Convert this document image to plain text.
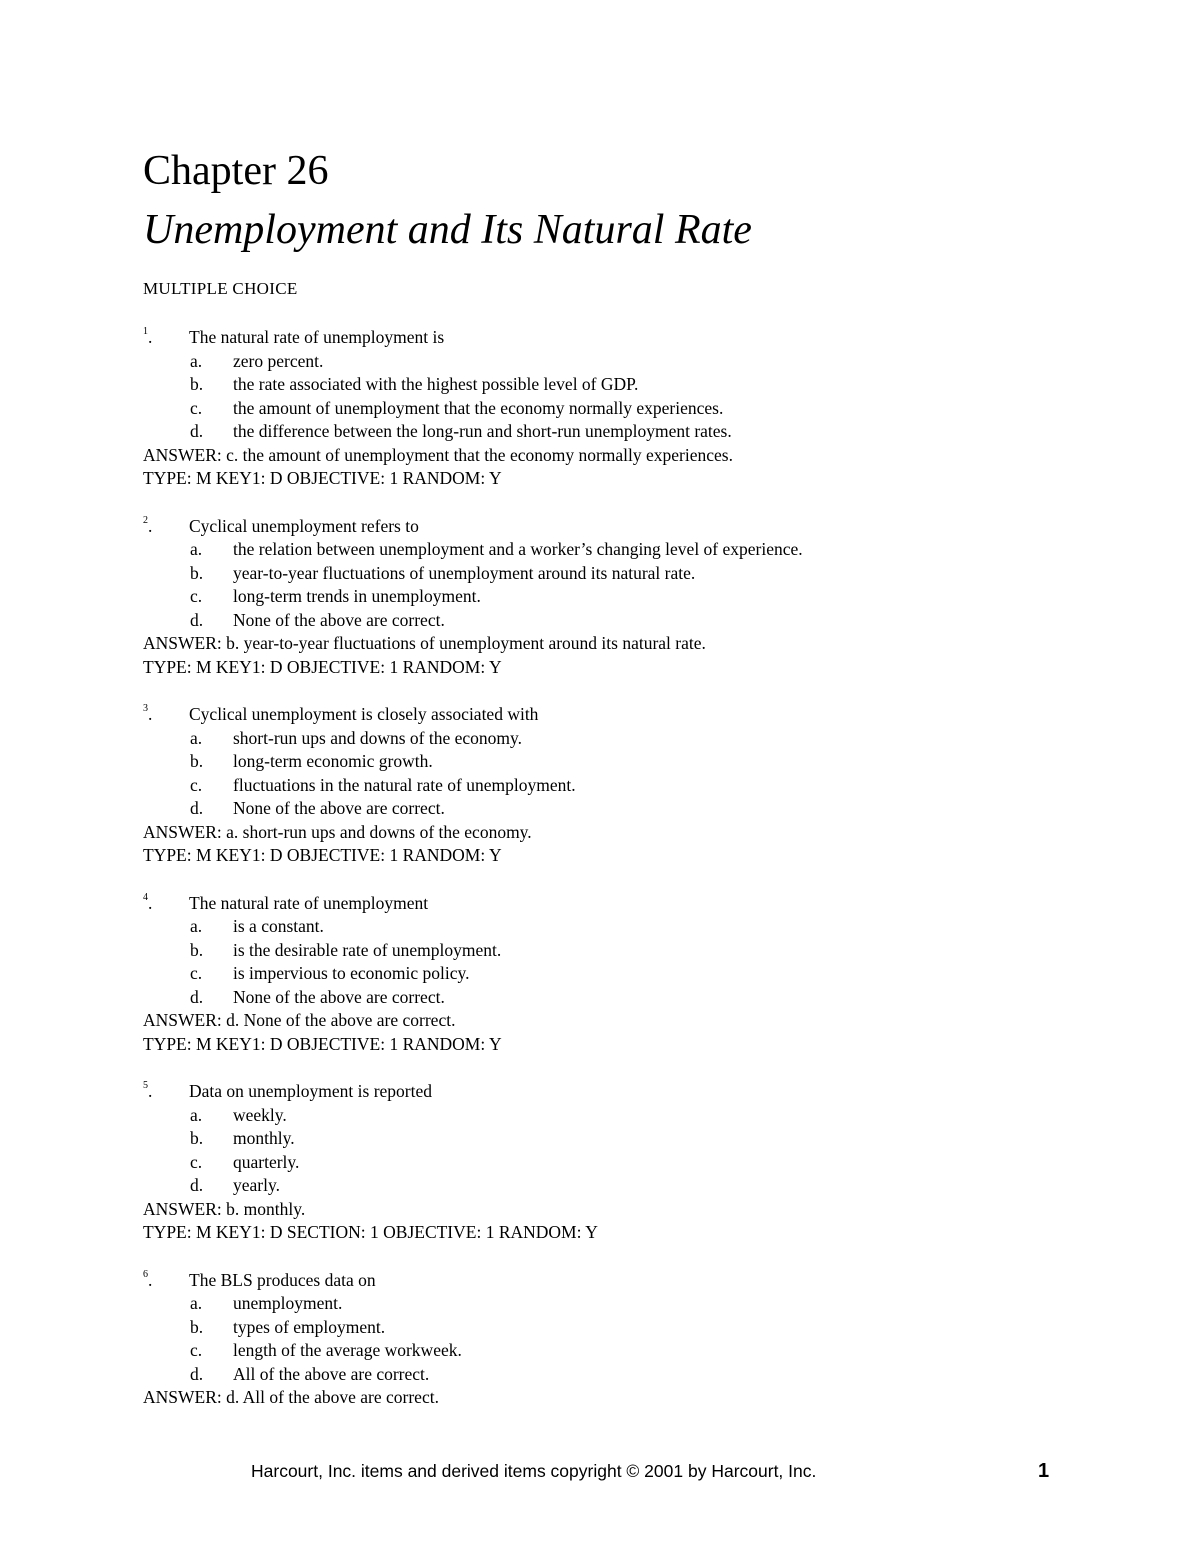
Chapter 26
Unemployment and Its Natural Rate
MULTIPLE CHOICE
1 . The natural rate of unemployment is
a. zero percent.
b. the rate associated with the highest possible level of GDP.
c. the amount of unemployment that the economy normally experiences.
d. the difference between the long-run and short-run unemployment rates.
ANSWER: c. the amount of unemployment that the economy normally experiences.
TYPE: M KEY1: D OBJECTIVE: 1 RANDOM: Y
2 . Cyclical unemployment refers to
a. the relation between unemployment and a worker’s changing level of experience.
b. year-to-year fluctuations of unemployment around its natural rate.
c. long-term trends in unemployment.
d. None of the above are correct.
ANSWER: b. year-to-year fluctuations of unemployment around its natural rate.
TYPE: M KEY1: D OBJECTIVE: 1 RANDOM: Y
3 . Cyclical unemployment is closely associated with
a. short-run ups and downs of the economy.
b. long-term economic growth.
c. fluctuations in the natural rate of unemployment.
d. None of the above are correct.
ANSWER: a. short-run ups and downs of the economy.
TYPE: M KEY1: D OBJECTIVE: 1 RANDOM: Y
4 . The natural rate of unemployment
a. is a constant.
b. is the desirable rate of unemployment.
c. is impervious to economic policy.
d. None of the above are correct.
ANSWER: d. None of the above are correct.
TYPE: M KEY1: D OBJECTIVE: 1 RANDOM: Y
5 . Data on unemployment is reported
a. weekly.
b. monthly.
c. quarterly.
d. yearly.
ANSWER: b. monthly.
TYPE: M KEY1: D SECTION: 1 OBJECTIVE: 1 RANDOM: Y
6 . The BLS produces data on
a. unemployment.
b. types of employment.
c. length of the average workweek.
d. All of the above are correct.
ANSWER: d. All of the above are correct.
Harcourt, Inc. items and derived items copyright © 2001 by Harcourt, Inc.	1
